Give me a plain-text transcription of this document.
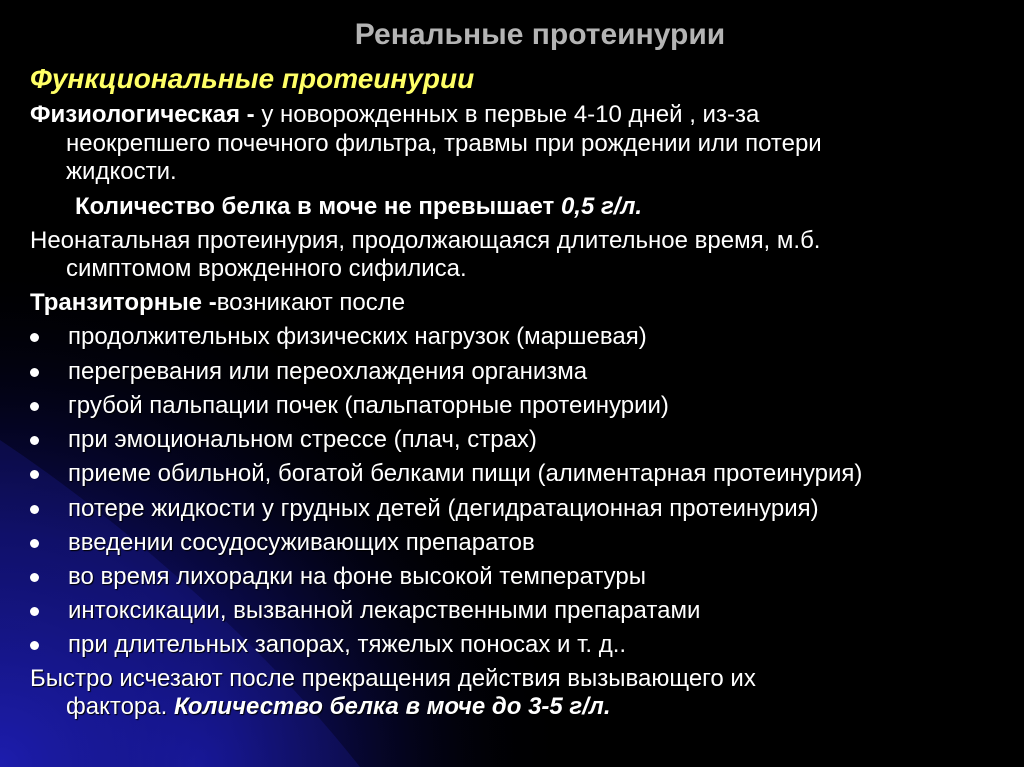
Ренальные протеинурии
Функциональные протеинурии
Физиологическая - у новорожденных в первые 4-10 дней , из-за
неокрепшего почечного фильтра, травмы при рождении или потери
жидкости.
Количество белка в моче не превышает 0,5 г/л.
Неонатальная протеинурия, продолжающаяся длительное время, м.б.
симптомом врожденного сифилиса.
Транзиторные -возникают после
продолжительных физических нагрузок (маршевая)
перегревания или переохлаждения организма
грубой пальпации почек (пальпаторные протеинурии)
при эмоциональном стрессе (плач, страх)
приеме обильной, богатой белками пищи (алиментарная протеинурия)
потере жидкости у грудных детей (дегидратационная протеинурия)
введении сосудосуживающих препаратов
во время лихорадки на фоне высокой температуры
интоксикации, вызванной лекарственными препаратами
при длительных запорах, тяжелых поносах и т. д..
Быстро исчезают после прекращения действия вызывающего их
фактора. Количество белка в моче до 3-5 г/л.
